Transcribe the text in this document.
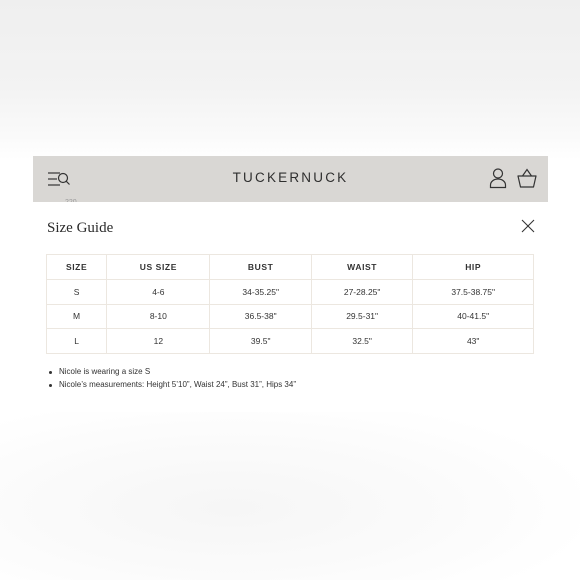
TUCKERNUCK
Size Guide
SIZE	US SIZE	BUST	WAIST	HIP
S	4-6	34-35.25"	27-28.25"	37.5-38.75"
M	8-10	36.5-38"	29.5-31"	40-41.5"
L	12	39.5"	32.5"	43"
Nicole is wearing a size S
Nicole’s measurements: Height 5’10”, Waist 24”, Bust 31”, Hips 34”
